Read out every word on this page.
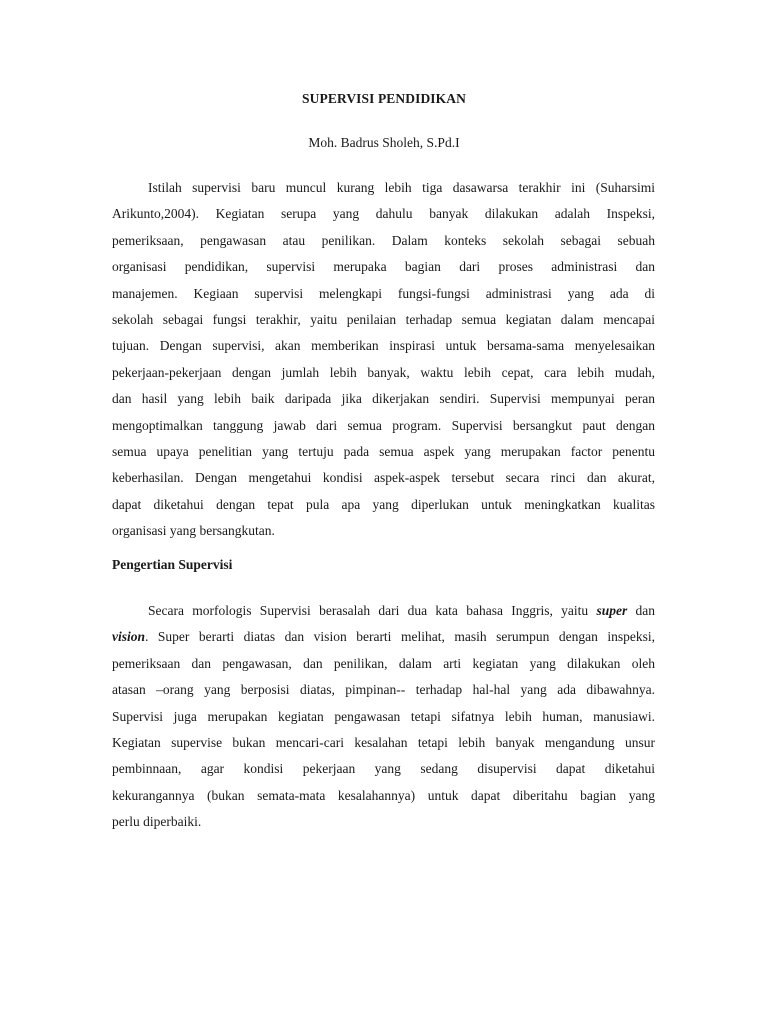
SUPERVISI PENDIDIKAN
Moh. Badrus Sholeh, S.Pd.I
Istilah supervisi baru muncul kurang lebih tiga dasawarsa terakhir ini (Suharsimi
Arikunto,2004). Kegiatan serupa yang dahulu banyak dilakukan adalah Inspeksi,
pemeriksaan, pengawasan atau penilikan. Dalam konteks sekolah sebagai sebuah
organisasi pendidikan, supervisi merupaka bagian dari proses administrasi dan
manajemen. Kegiaan supervisi melengkapi fungsi-fungsi administrasi yang ada di
sekolah sebagai fungsi terakhir, yaitu penilaian terhadap semua kegiatan dalam mencapai
tujuan. Dengan supervisi, akan memberikan inspirasi untuk bersama-sama menyelesaikan
pekerjaan-pekerjaan dengan jumlah lebih banyak, waktu lebih cepat, cara lebih mudah,
dan hasil yang lebih baik daripada jika dikerjakan sendiri. Supervisi mempunyai peran
mengoptimalkan tanggung jawab dari semua program. Supervisi bersangkut paut dengan
semua upaya penelitian yang tertuju pada semua aspek yang merupakan factor penentu
keberhasilan. Dengan mengetahui kondisi aspek-aspek tersebut secara rinci dan akurat,
dapat diketahui dengan tepat pula apa yang diperlukan untuk meningkatkan kualitas
organisasi yang bersangkutan.
Pengertian Supervisi
Secara morfologis Supervisi berasalah dari dua kata bahasa Inggris, yaitu super dan
vision. Super berarti diatas dan vision berarti melihat, masih serumpun dengan inspeksi,
pemeriksaan dan pengawasan, dan penilikan, dalam arti kegiatan yang dilakukan oleh
atasan –orang yang berposisi diatas, pimpinan-- terhadap hal-hal yang ada dibawahnya.
Supervisi juga merupakan kegiatan pengawasan tetapi sifatnya lebih human, manusiawi.
Kegiatan supervise bukan mencari-cari kesalahan tetapi lebih banyak mengandung unsur
pembinnaan, agar kondisi pekerjaan yang sedang disupervisi dapat diketahui
kekurangannya (bukan semata-mata kesalahannya) untuk dapat diberitahu bagian yang
perlu diperbaiki.
